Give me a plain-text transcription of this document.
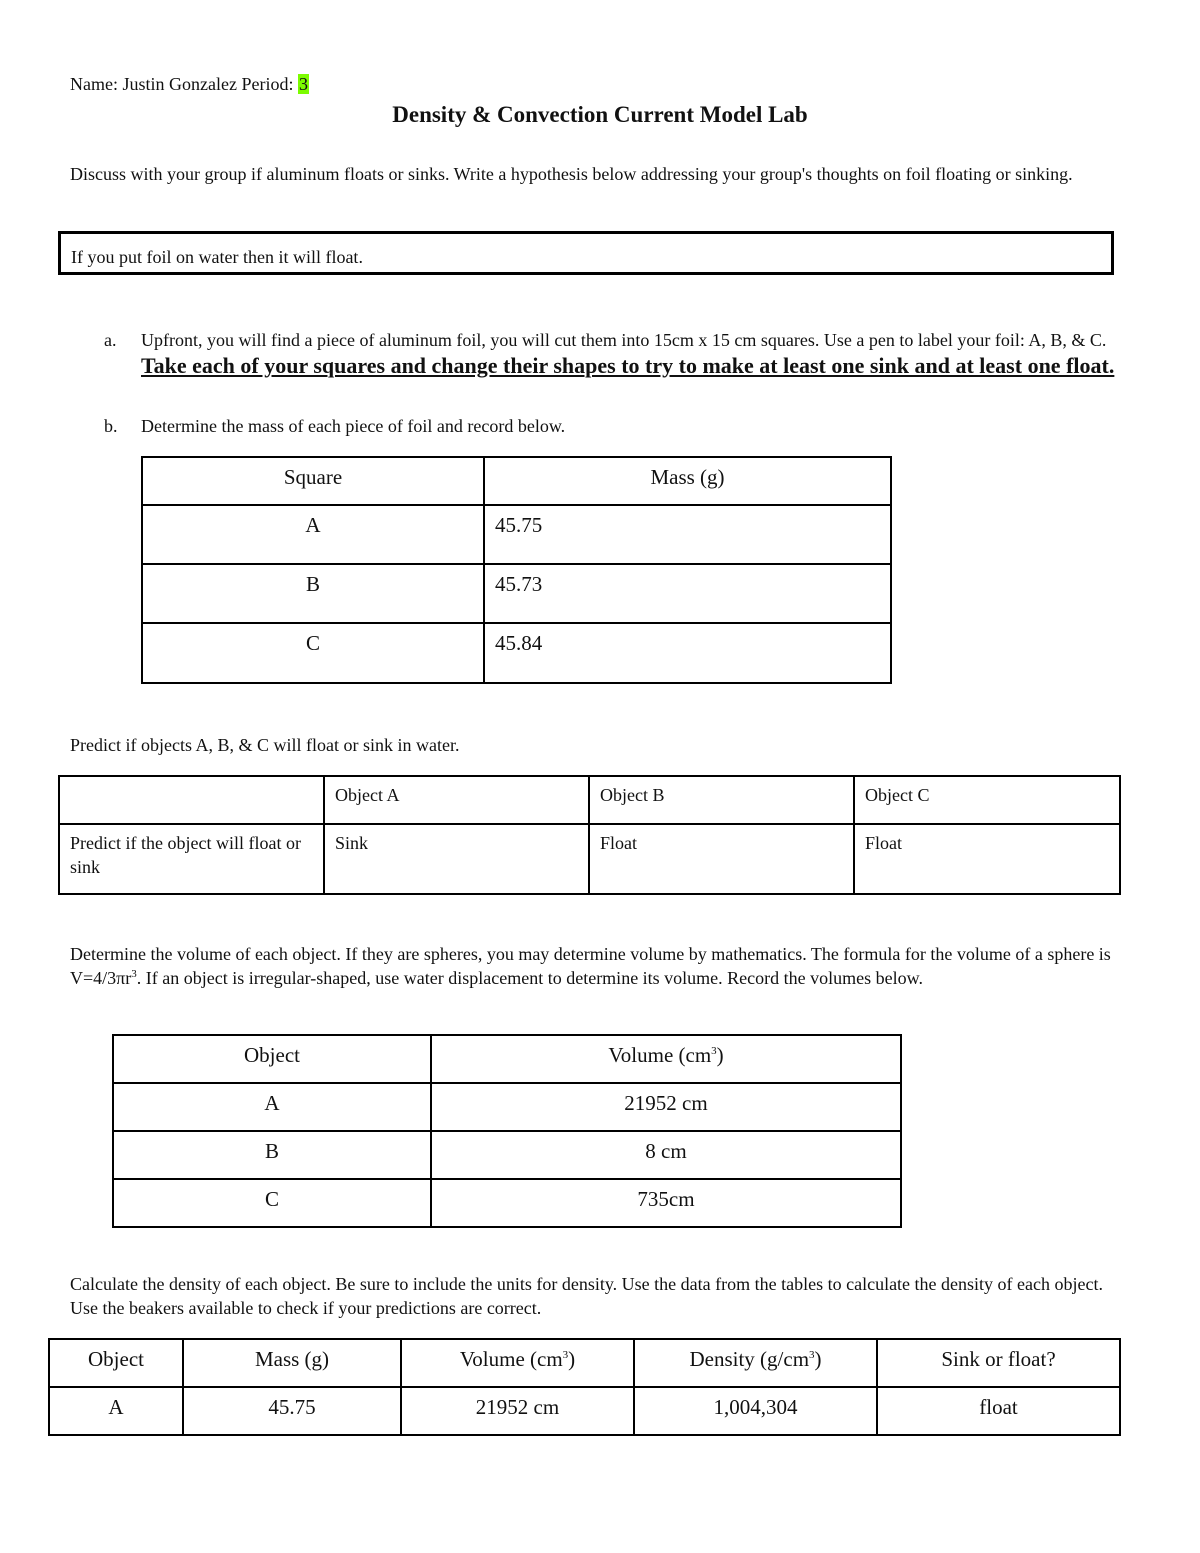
Name: Justin Gonzalez Period: 3
Density & Convection Current Model Lab
Discuss with your group if aluminum floats or sinks. Write a hypothesis below addressing your group's thoughts on foil floating or sinking.
If you put foil on water then it will float.
a. Upfront, you will find a piece of aluminum foil, you will cut them into 15cm x 15 cm squares. Use a pen to label your foil: A, B, & C. Take each of your squares and change their shapes to try to make at least one sink and at least one float.
b. Determine the mass of each piece of foil and record below.
Square	Mass (g)
A	45.75
B	45.73
C	45.84
Predict if objects A, B, & C will float or sink in water.
	Object A	Object B	Object C
Predict if the object will float or sink	Sink	Float	Float
Determine the volume of each object. If they are spheres, you may determine volume by mathematics. The formula for the volume of a sphere is $V=4/3\pi r^3$. If an object is irregular-shaped, use water displacement to determine its volume. Record the volumes below.
Object	Volume $(cm^3)$
A	21952 cm
B	8 cm
C	735cm
Calculate the density of each object. Be sure to include the units for density. Use the data from the tables to calculate the density of each object. Use the beakers available to check if your predictions are correct.
Object	Mass (g)	Volume $(cm^3)$	Density $(g/cm^3)$	Sink or float?
A	45.75	21952 cm	1,004,304	float
